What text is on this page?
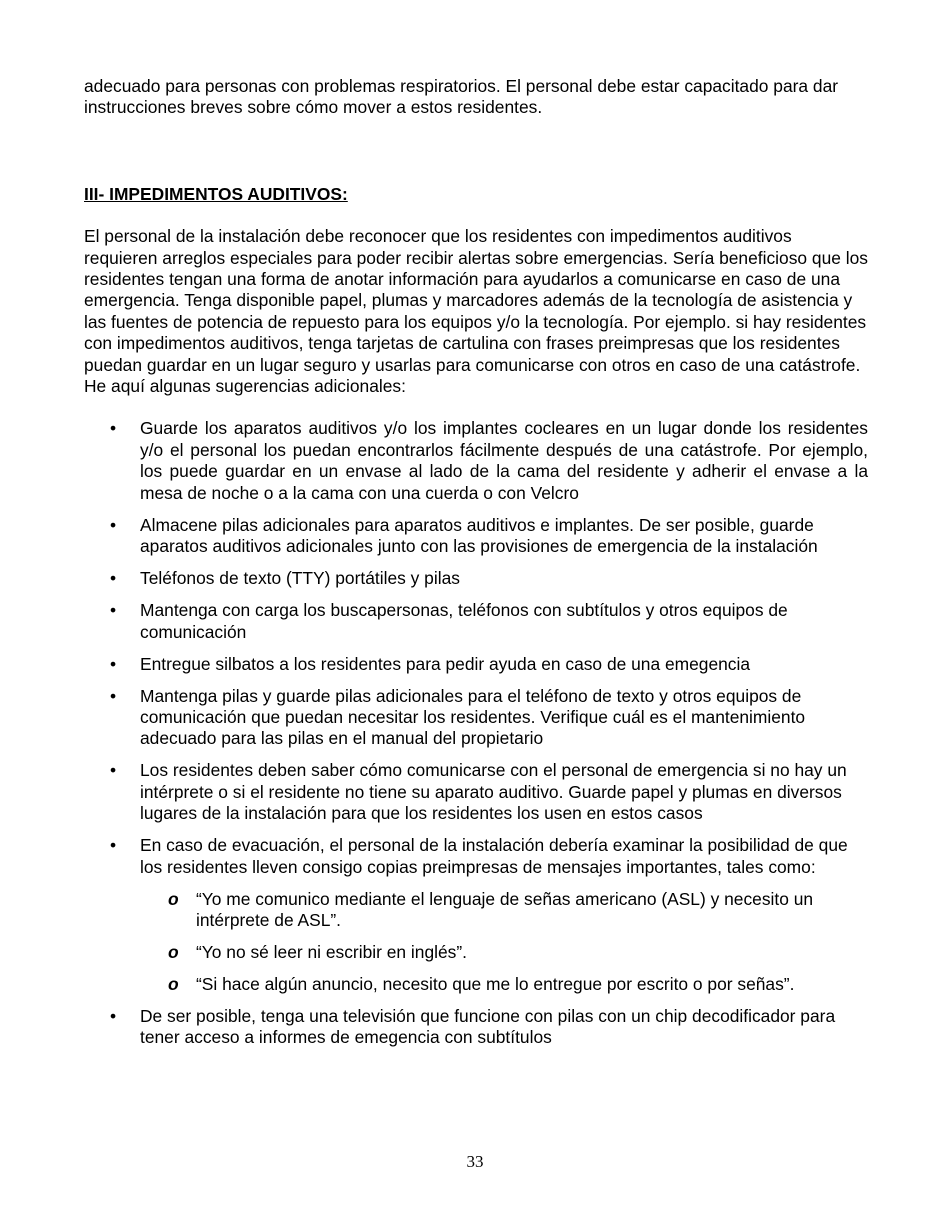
adecuado para personas con problemas respiratorios. El personal debe estar capacitado para dar instrucciones breves sobre cómo mover a estos residentes.

III- IMPEDIMENTOS AUDITIVOS:

El personal de la instalación debe reconocer que los residentes con impedimentos auditivos requieren arreglos especiales para poder recibir alertas sobre emergencias. Sería beneficioso que los residentes tengan una forma de anotar información para ayudarlos a comunicarse en caso de una emergencia. Tenga disponible papel, plumas y marcadores además de la tecnología de asistencia y las fuentes de potencia de repuesto para los equipos y/o la tecnología. Por ejemplo. si hay residentes con impedimentos auditivos, tenga tarjetas de cartulina con frases preimpresas que los residentes puedan guardar en un lugar seguro y usarlas para comunicarse con otros en caso de una catástrofe.

He aquí algunas sugerencias adicionales:

• Guarde los aparatos auditivos y/o los implantes cocleares en un lugar donde los residentes y/o el personal los puedan encontrarlos fácilmente después de una catástrofe. Por ejemplo, los puede guardar en un envase al lado de la cama del residente y adherir el envase a la mesa de noche o a la cama con una cuerda o con Velcro
• Almacene pilas adicionales para aparatos auditivos e implantes. De ser posible, guarde aparatos auditivos adicionales junto con las provisiones de emergencia de la instalación
• Teléfonos de texto (TTY) portátiles y pilas
• Mantenga con carga los buscapersonas, teléfonos con subtítulos y otros equipos de comunicación
• Entregue silbatos a los residentes para pedir ayuda en caso de una emegencia
• Mantenga pilas y guarde pilas adicionales para el teléfono de texto y otros equipos de comunicación que puedan necesitar los residentes. Verifique cuál es el mantenimiento adecuado para las pilas en el manual del propietario
• Los residentes deben saber cómo comunicarse con el personal de emergencia si no hay un intérprete o si el residente no tiene su aparato auditivo. Guarde papel y plumas en diversos lugares de la instalación para que los residentes los usen en estos casos
• En caso de evacuación, el personal de la instalación debería examinar la posibilidad de que los residentes lleven consigo copias preimpresas de mensajes importantes, tales como:
o “Yo me comunico mediante el lenguaje de señas americano (ASL) y necesito un intérprete de ASL”.
o “Yo no sé leer ni escribir en inglés”.
o “Si hace algún anuncio, necesito que me lo entregue por escrito o por señas”.
• De ser posible, tenga una televisión que funcione con pilas con un chip decodificador para tener acceso a informes de emegencia con subtítulos
33
